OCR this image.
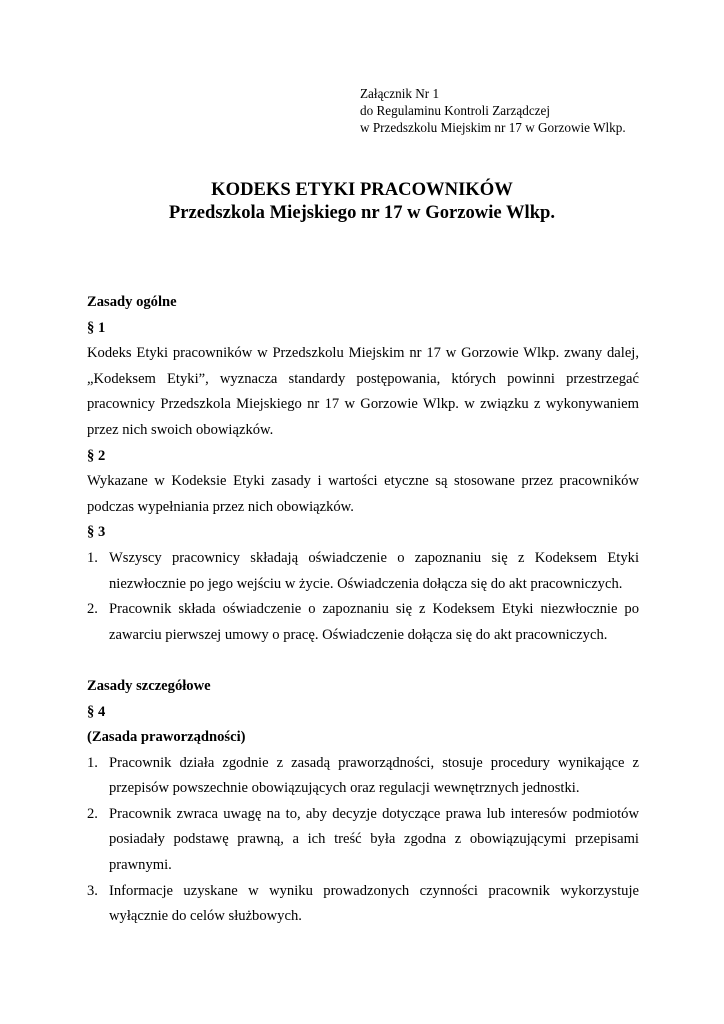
Załącznik Nr 1
do Regulaminu Kontroli Zarządczej
w Przedszkolu Miejskim nr 17 w Gorzowie Wlkp.
KODEKS ETYKI PRACOWNIKÓW
Przedszkola Miejskiego nr 17 w Gorzowie Wlkp.
Zasady ogólne
§ 1
Kodeks Etyki pracowników w Przedszkolu Miejskim nr 17 w Gorzowie Wlkp. zwany dalej, „Kodeksem Etyki”, wyznacza standardy postępowania, których powinni przestrzegać pracownicy Przedszkola Miejskiego nr 17 w Gorzowie Wlkp. w związku z wykonywaniem przez nich swoich obowiązków.
§ 2
Wykazane w Kodeksie Etyki zasady i wartości etyczne są stosowane przez pracowników podczas wypełniania przez nich obowiązków.
§ 3
1. Wszyscy pracownicy składają oświadczenie o zapoznaniu się z Kodeksem Etyki niezwłocznie po jego wejściu w życie. Oświadczenia dołącza się do akt pracowniczych.
2. Pracownik składa oświadczenie o zapoznaniu się z Kodeksem Etyki niezwłocznie po zawarciu pierwszej umowy o pracę. Oświadczenie dołącza się do akt pracowniczych.
Zasady szczegółowe
§ 4
(Zasada praworządności)
1. Pracownik działa zgodnie z zasadą praworządności, stosuje procedury wynikające z przepisów powszechnie obowiązujących oraz regulacji wewnętrznych jednostki.
2. Pracownik zwraca uwagę na to, aby decyzje dotyczące prawa lub interesów podmiotów posiadały podstawę prawną, a ich treść była zgodna z obowiązującymi przepisami prawnymi.
3. Informacje uzyskane w wyniku prowadzonych czynności pracownik wykorzystuje wyłącznie do celów służbowych.
